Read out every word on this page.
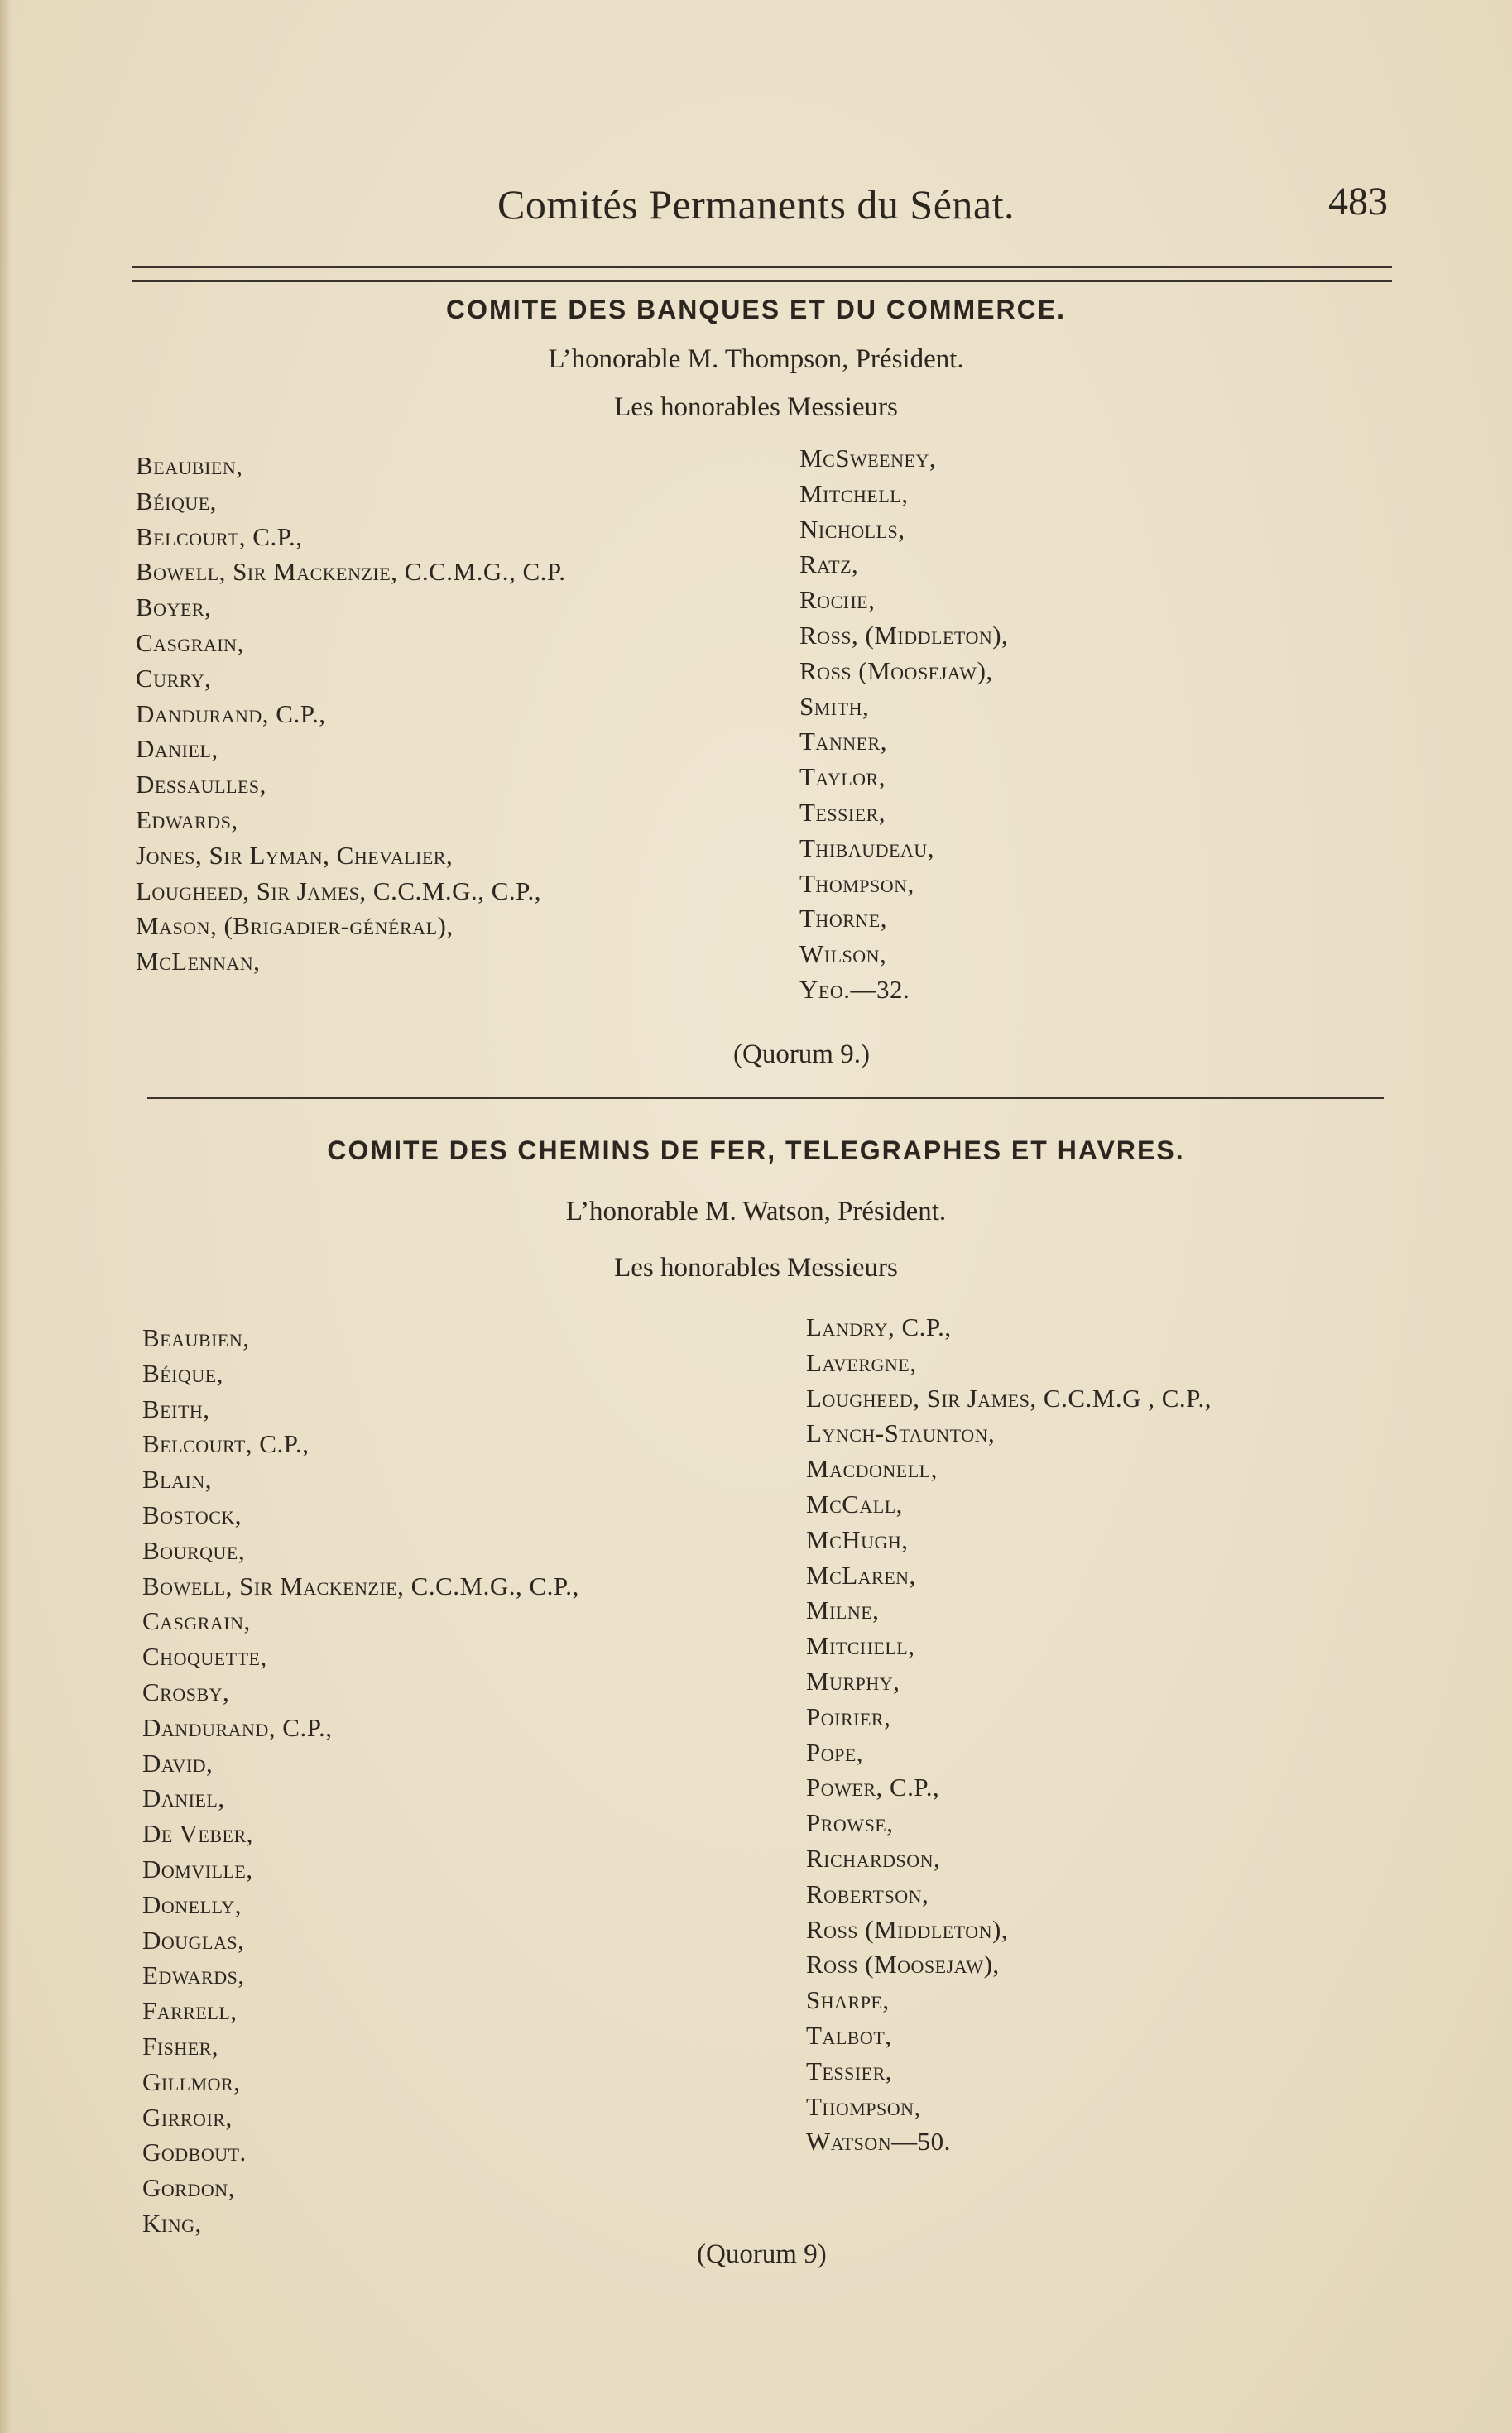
Comités Permanents du Sénat.	483
COMITE DES BANQUES ET DU COMMERCE.
L’honorable M. Thompson, Président.
Les honorables Messieurs
Beaubien,
Béique,
Belcourt, C.P.,
Bowell, Sir Mackenzie, C.C.M.G., C.P.
Boyer,
Casgrain,
Curry,
Dandurand, C.P.,
Daniel,
Dessaulles,
Edwards,
Jones, Sir Lyman, Chevalier,
Lougheed, Sir James, C.C.M.G., C.P.,
Mason, (Brigadier-général),
McLennan,
McSweeney,
Mitchell,
Nicholls,
Ratz,
Roche,
Ross, (Middleton),
Ross (Moosejaw),
Smith,
Tanner,
Taylor,
Tessier,
Thibaudeau,
Thompson,
Thorne,
Wilson,
Yeo.—32.
(Quorum 9.)
COMITE DES CHEMINS DE FER, TELEGRAPHES ET HAVRES.
L’honorable M. Watson, Président.
Les honorables Messieurs
Beaubien,
Béique,
Beith,
Belcourt, C.P.,
Blain,
Bostock,
Bourque,
Bowell, Sir Mackenzie, C.C.M.G., C.P.,
Casgrain,
Choquette,
Crosby,
Dandurand, C.P.,
David,
Daniel,
De Veber,
Domville,
Donelly,
Douglas,
Edwards,
Farrell,
Fisher,
Gillmor,
Girroir,
Godbout.
Gordon,
King,
Landry, C.P.,
Lavergne,
Lougheed, Sir James, C.C.M.G , C.P.,
Lynch-Staunton,
Macdonell,
McCall,
McHugh,
McLaren,
Milne,
Mitchell,
Murphy,
Poirier,
Pope,
Power, C.P.,
Prowse,
Richardson,
Robertson,
Ross (Middleton),
Ross (Moosejaw),
Sharpe,
Talbot,
Tessier,
Thompson,
Watson—50.
(Quorum 9)
